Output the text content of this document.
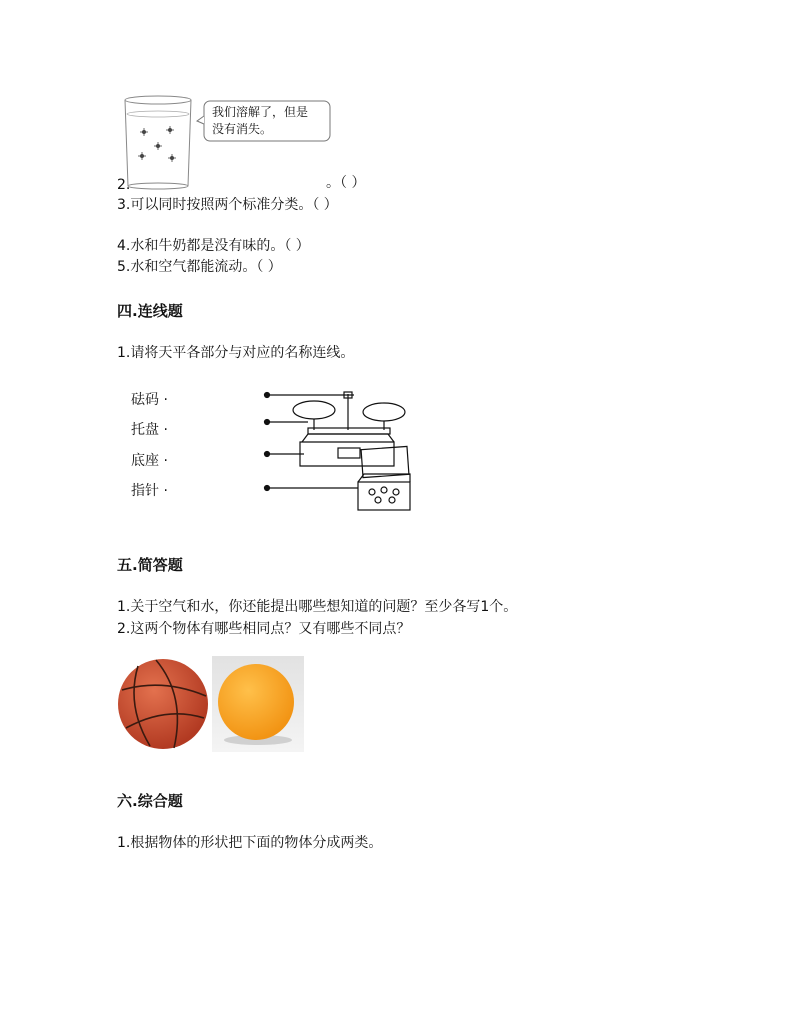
我们溶解了，但是
没有消失。
2.	。（ ）
3.可以同时按照两个标准分类。（ ）
4.水和牛奶都是没有味的。（ ）
5.水和空气都能流动。（ ）
四.连线题
1.请将天平各部分与对应的名称连线。
砝码 ·
托盘 ·
底座 ·
指针 ·
五.简答题
1.关于空气和水，你还能提出哪些想知道的问题？至少各写1个。
2.这两个物体有哪些相同点？又有哪些不同点？
六.综合题
1.根据物体的形状把下面的物体分成两类。
